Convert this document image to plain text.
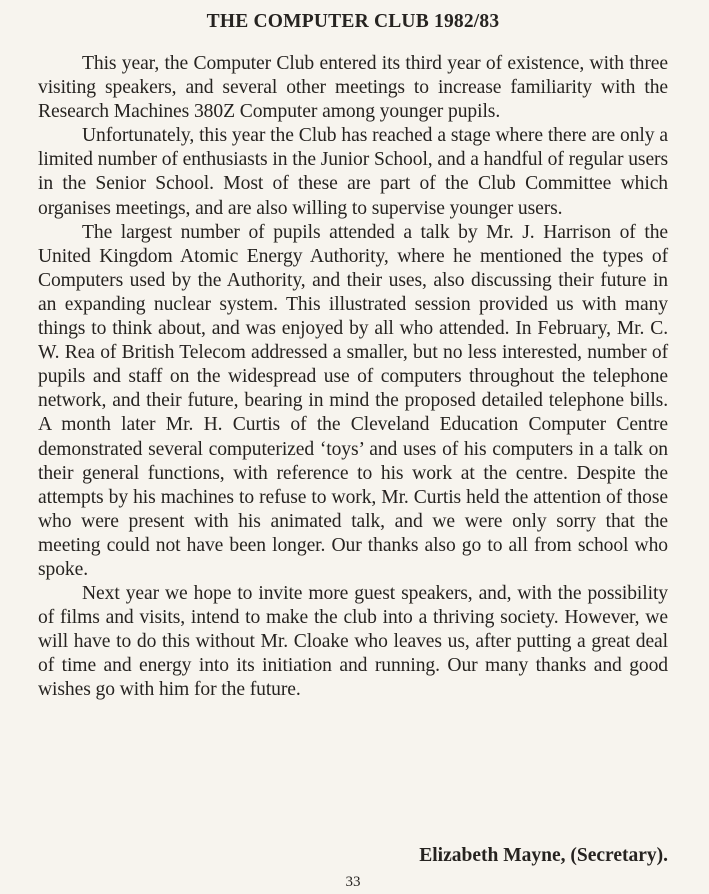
THE COMPUTER CLUB 1982/83

This year, the Computer Club entered its third year of existence, with three visiting speakers, and several other meetings to increase familiarity with the Research Machines 380Z Computer among younger pupils.

Unfortunately, this year the Club has reached a stage where there are only a limited number of enthusiasts in the Junior School, and a handful of regular users in the Senior School. Most of these are part of the Club Committee which organises meetings, and are also willing to supervise younger users.

The largest number of pupils attended a talk by Mr. J. Harrison of the United Kingdom Atomic Energy Authority, where he mentioned the types of Computers used by the Authority, and their uses, also discussing their future in an expanding nuclear system. This illustrated session provided us with many things to think about, and was enjoyed by all who attended. In February, Mr. C. W. Rea of British Telecom addressed a smaller, but no less interested, number of pupils and staff on the widespread use of computers throughout the telephone network, and their future, bearing in mind the proposed detailed telephone bills. A month later Mr. H. Curtis of the Cleveland Education Computer Centre demonstrated several computerized ‘toys’ and uses of his computers in a talk on their general functions, with reference to his work at the centre. Despite the attempts by his machines to refuse to work, Mr. Curtis held the attention of those who were present with his animated talk, and we were only sorry that the meeting could not have been longer. Our thanks also go to all from school who spoke.

Next year we hope to invite more guest speakers, and, with the possibility of films and visits, intend to make the club into a thriving society. However, we will have to do this without Mr. Cloake who leaves us, after putting a great deal of time and energy into its initiation and running. Our many thanks and good wishes go with him for the future.

Elizabeth Mayne, (Secretary).
33
